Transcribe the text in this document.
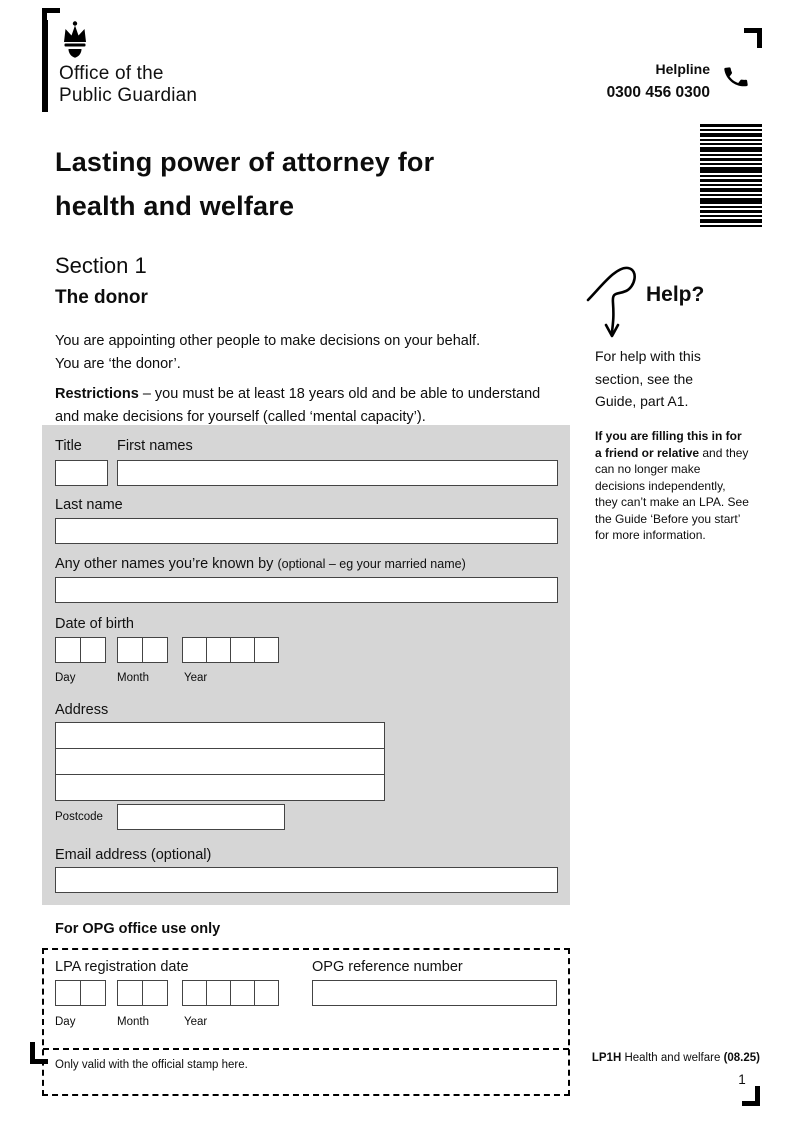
Office of the
Public Guardian
Helpline
0300 456 0300
Lasting power of attorney for
health and welfare
Section 1
The donor
You are appointing other people to make decisions on your behalf.
You are ‘the donor’.
Restrictions – you must be at least 18 years old and be able to understand and make decisions for yourself (called ‘mental capacity’).
Title First names
Last name
Any other names you’re known by (optional – eg your married name)
Date of birth
Day	Month	Year
Address
Postcode
Email address (optional)
Help?
For help with this section, see the Guide, part A1.
If you are filling this in for a friend or relative and they can no longer make decisions independently, they can’t make an LPA. See the Guide ‘Before you start’ for more information.
For OPG office use only
LPA registration date	OPG reference number
Day	Month	Year
Only valid with the official stamp here.
LP1H Health and welfare (08.25)
1
